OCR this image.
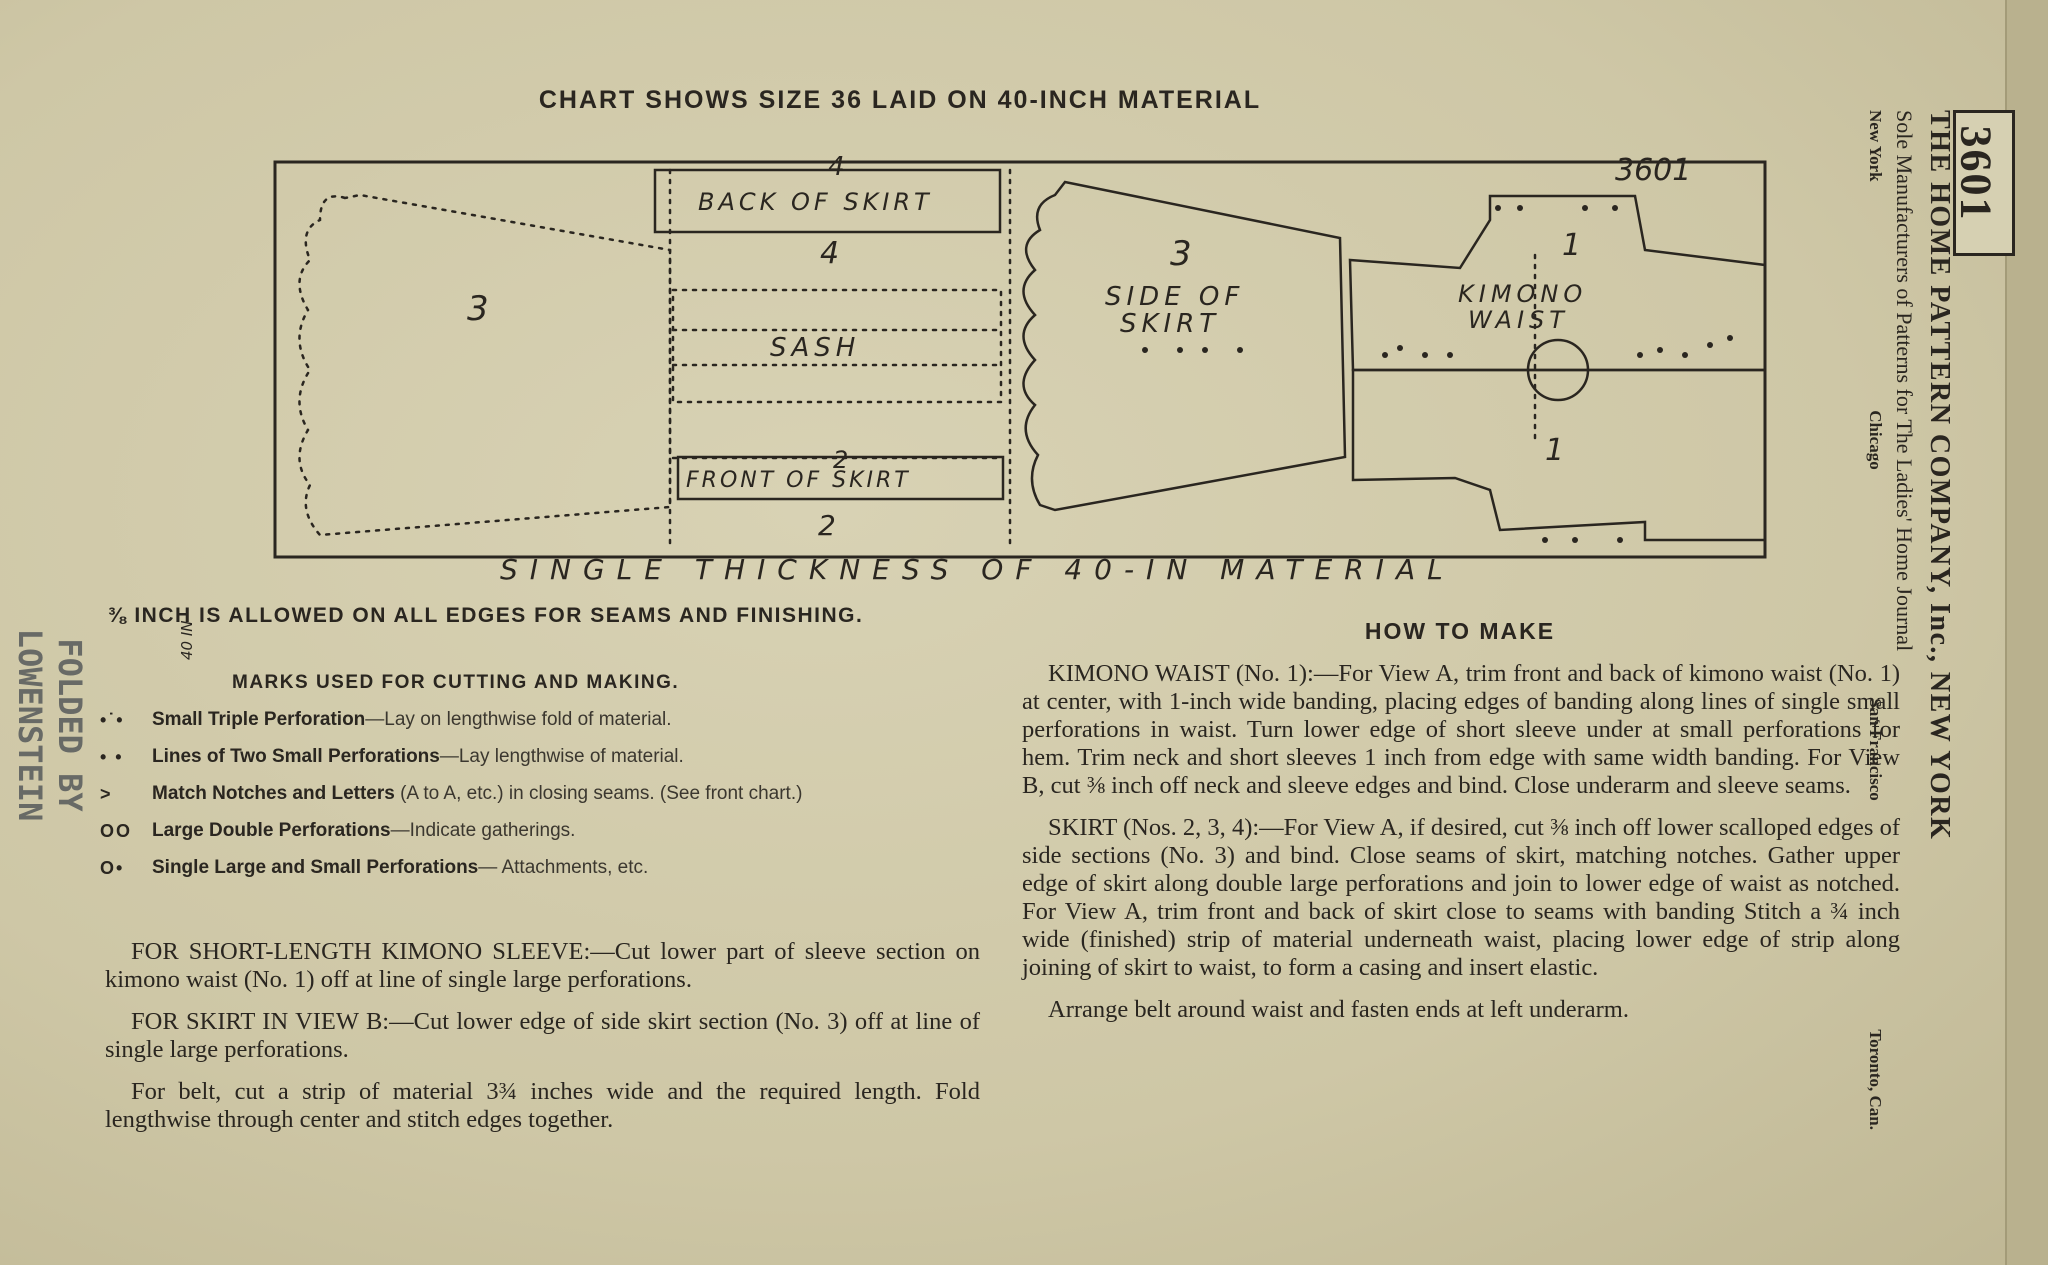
CHART SHOWS SIZE 36 LAID ON 40-INCH MATERIAL
3601
3
4
BACK OF SKIRT
4
SASH
2
FRONT OF SKIRT
2
3
SIDE OF
SKIRT
1
KIMONO
WAIST
1
40 IN
SINGLE THICKNESS OF 40-IN MATERIAL
FOLDED BY
LOWENSTEIN
⅜ INCH IS ALLOWED ON ALL EDGES FOR SEAMS AND FINISHING.
MARKS USED FOR CUTTING AND MAKING.
•˙•	Small Triple Perforation—Lay on lengthwise fold of material.
• •	Lines of Two Small Perforations—Lay lengthwise of material.
>	Match Notches and Letters (A to A, etc.) in closing seams. (See front chart.)
OO	Large Double Perforations—Indicate gatherings.
O•	Single Large and Small Perforations— Attachments, etc.

FOR SHORT-LENGTH KIMONO SLEEVE:—Cut lower part of sleeve section on kimono waist (No. 1) off at line of single large perforations.

FOR SKIRT IN VIEW B:—Cut lower edge of side skirt section (No. 3) off at line of single large perforations.

For belt, cut a strip of material 3¾ inches wide and the required length. Fold lengthwise through center and stitch edges together.

HOW TO MAKE

KIMONO WAIST (No. 1):—For View A, trim front and back of kimono waist (No. 1) at center, with 1-inch wide banding, placing edges of banding along lines of single small perforations in waist. Turn lower edge of short sleeve under at small perforations for hem. Trim neck and short sleeves 1 inch from edge with same width banding. For View B, cut ⅜ inch off neck and sleeve edges and bind. Close underarm and sleeve seams.

SKIRT (Nos. 2, 3, 4):—For View A, if desired, cut ⅜ inch off lower scalloped edges of side sections (No. 3) and bind. Close seams of skirt, matching notches. Gather upper edge of skirt along double large perforations and join to lower edge of waist as notched. For View A, trim front and back of skirt close to seams with banding Stitch a ¾ inch wide (finished) strip of material underneath waist, placing lower edge of strip along joining of skirt to waist, to form a casing and insert elastic.

Arrange belt around waist and fasten ends at left underarm.

3601
THE HOME PATTERN COMPANY, Inc., NEW YORK
Sole Manufacturers of Patterns for The Ladies' Home Journal
New York
Chicago
San Francisco
Toronto, Can.
